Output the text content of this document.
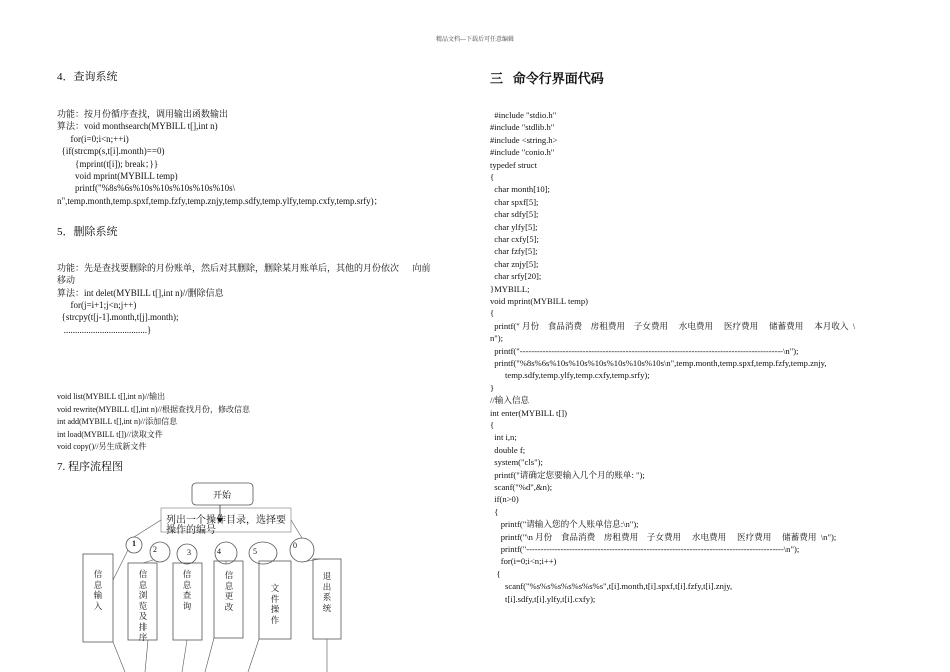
精品文档---下载后可任意编辑
4．查询系统
功能：按月份循序查找，调用输出函数输出
算法：void monthsearch(MYBILL t[],int n)
for(i=0;i<n;++i)
{if(strcmp(s,t[i].month)==0)
{mprint(t[i]); break；}}
void mprint(MYBILL temp)
printf("%8s%6s%10s%10s%10s%10s%10s\
n",temp.month,temp.spxf,temp.fzfy,temp.znjy,temp.sdfy,temp.ylfy,temp.cxfy,temp.srfy)；
5．删除系统
功能：先是查找要删除的月份账单，然后对其删除，删除某月账单后，其他的月份依次      向前
移动
算法：int delet(MYBILL t[],int n)//删除信息
for(j=i+1;j<n;j++)
{strcpy(t[j-1].month,t[j].month);
.....................................}
void list(MYBILL t[],int n)//输出
void rewrite(MYBILL t[],int n)//根据查找月份，修改信息
int add(MYBILL t[],int n)//添加信息
int load(MYBILL t[])//读取文件
void copy()//另生成新文件
7. 程序流程图
开始
列出一个操作目录，选择要
操作的编号
1
2	3	4	5
0
信息输入
信息浏览及排序
信息查询
信息更改
文件操作
退出系统
三   命令行界面代码
#include "stdio.h"
#include "stdlib.h"
#include <string.h>
#include "conio.h"
typedef struct
{
char month[10];
char spxf[5];
char sdfy[5];
char ylfy[5];
char cxfy[5];
char fzfy[5];
char znjy[5];
char srfy[20];
}MYBILL;
void mprint(MYBILL temp)
{
printf(" 月份    食品消费    房租费用    子女费用     水电费用     医疗费用     储蓄费用     本月收入  \
n");
printf("--------------------------------------------------------------------------------------------\n");
printf("%8s%6s%10s%10s%10s%10s%10s%10s\n",temp.month,temp.spxf,temp.fzfy,temp.znjy,
temp.sdfy,temp.ylfy,temp.cxfy,temp.srfy);
}
//输入信息
int enter(MYBILL t[])
{
int i,n;
double f;
system("cls");
printf("请确定您要输入几个月的账单: ");
scanf("%d",&n);
if(n>0)
{
printf("请输入您的个人账单信息:\n");
printf("\n 月份    食品消费    房租费用    子女费用     水电费用     医疗费用     储蓄费用  \n");
printf("------------------------------------------------------------------------------------------\n");
for(i=0;i<n;i++)
{
scanf("%s%s%s%s%s%s%s",t[i].month,t[i].spxf,t[i].fzfy,t[i].znjy,
t[i].sdfy,t[i].ylfy,t[i].cxfy);
